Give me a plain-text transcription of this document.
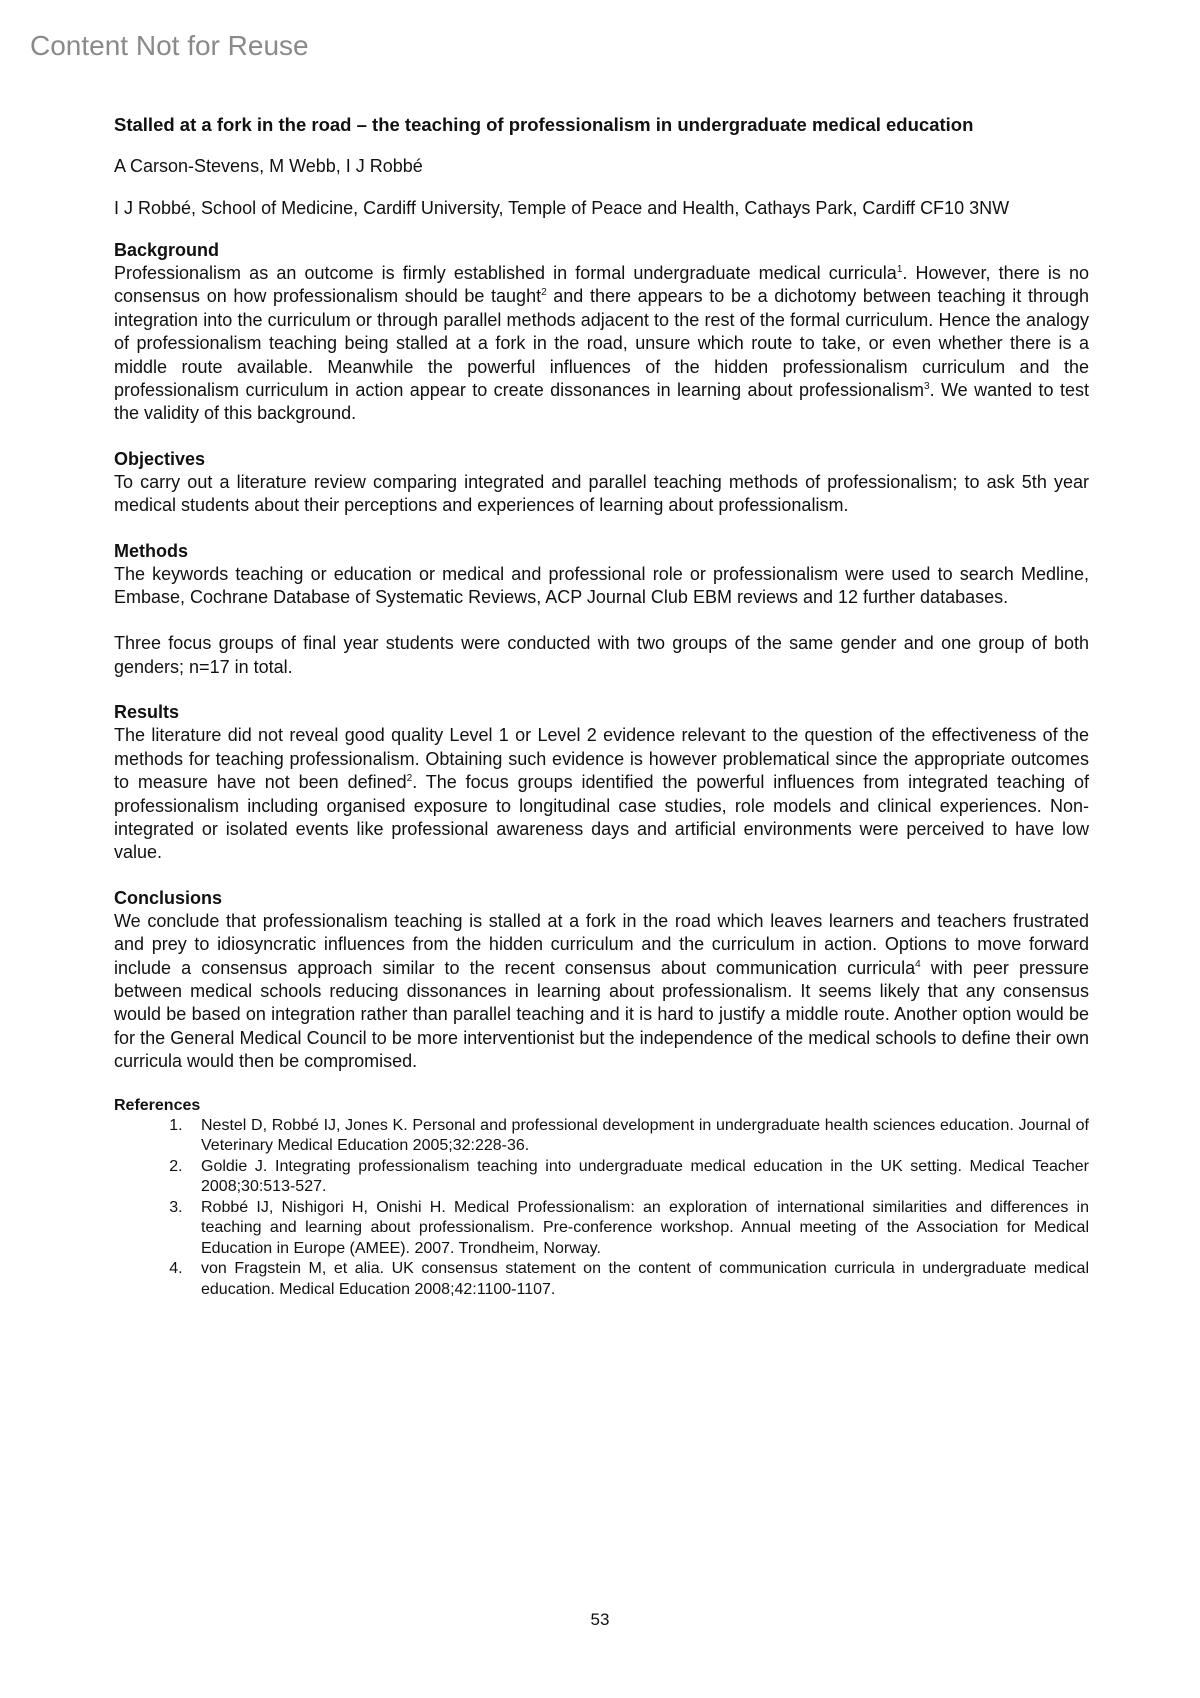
Content Not for Reuse
Stalled at a fork in the road – the teaching of professionalism in undergraduate medical education
A Carson-Stevens, M Webb, I J Robbé
I J Robbé, School of Medicine, Cardiff University, Temple of Peace and Health, Cathays Park, Cardiff CF10 3NW
Background

Professionalism as an outcome is firmly established in formal undergraduate medical curricula$^1$. However, there is no consensus on how professionalism should be taught$^2$ and there appears to be a dichotomy between teaching it through integration into the curriculum or through parallel methods adjacent to the rest of the formal curriculum. Hence the analogy of professionalism teaching being stalled at a fork in the road, unsure which route to take, or even whether there is a middle route available. Meanwhile the powerful influences of the hidden professionalism curriculum and the professionalism curriculum in action appear to create dissonances in learning about professionalism$^3$. We wanted to test the validity of this background.

Objectives

To carry out a literature review comparing integrated and parallel teaching methods of professionalism; to ask 5th year medical students about their perceptions and experiences of learning about professionalism.

Methods

The keywords teaching or education or medical and professional role or professionalism were used to search Medline, Embase, Cochrane Database of Systematic Reviews, ACP Journal Club EBM reviews and 12 further databases.

Three focus groups of final year students were conducted with two groups of the same gender and one group of both genders; n=17 in total.

Results

The literature did not reveal good quality Level 1 or Level 2 evidence relevant to the question of the effectiveness of the methods for teaching professionalism. Obtaining such evidence is however problematical since the appropriate outcomes to measure have not been defined$^2$. The focus groups identified the powerful influences from integrated teaching of professionalism including organised exposure to longitudinal case studies, role models and clinical experiences. Non-integrated or isolated events like professional awareness days and artificial environments were perceived to have low value.

Conclusions

We conclude that professionalism teaching is stalled at a fork in the road which leaves learners and teachers frustrated and prey to idiosyncratic influences from the hidden curriculum and the curriculum in action. Options to move forward include a consensus approach similar to the recent consensus about communication curricula$^4$ with peer pressure between medical schools reducing dissonances in learning about professionalism. It seems likely that any consensus would be based on integration rather than parallel teaching and it is hard to justify a middle route. Another option would be for the General Medical Council to be more interventionist but the independence of the medical schools to define their own curricula would then be compromised.

References
1. Nestel D, Robbé IJ, Jones K. Personal and professional development in undergraduate health sciences education. Journal of Veterinary Medical Education 2005;32:228-36.
2. Goldie J. Integrating professionalism teaching into undergraduate medical education in the UK setting. Medical Teacher 2008;30:513-527.
3. Robbé IJ, Nishigori H, Onishi H. Medical Professionalism: an exploration of international similarities and differences in teaching and learning about professionalism. Pre-conference workshop. Annual meeting of the Association for Medical Education in Europe (AMEE). 2007. Trondheim, Norway.
4. von Fragstein M, et alia. UK consensus statement on the content of communication curricula in undergraduate medical education. Medical Education 2008;42:1100-1107.
53
